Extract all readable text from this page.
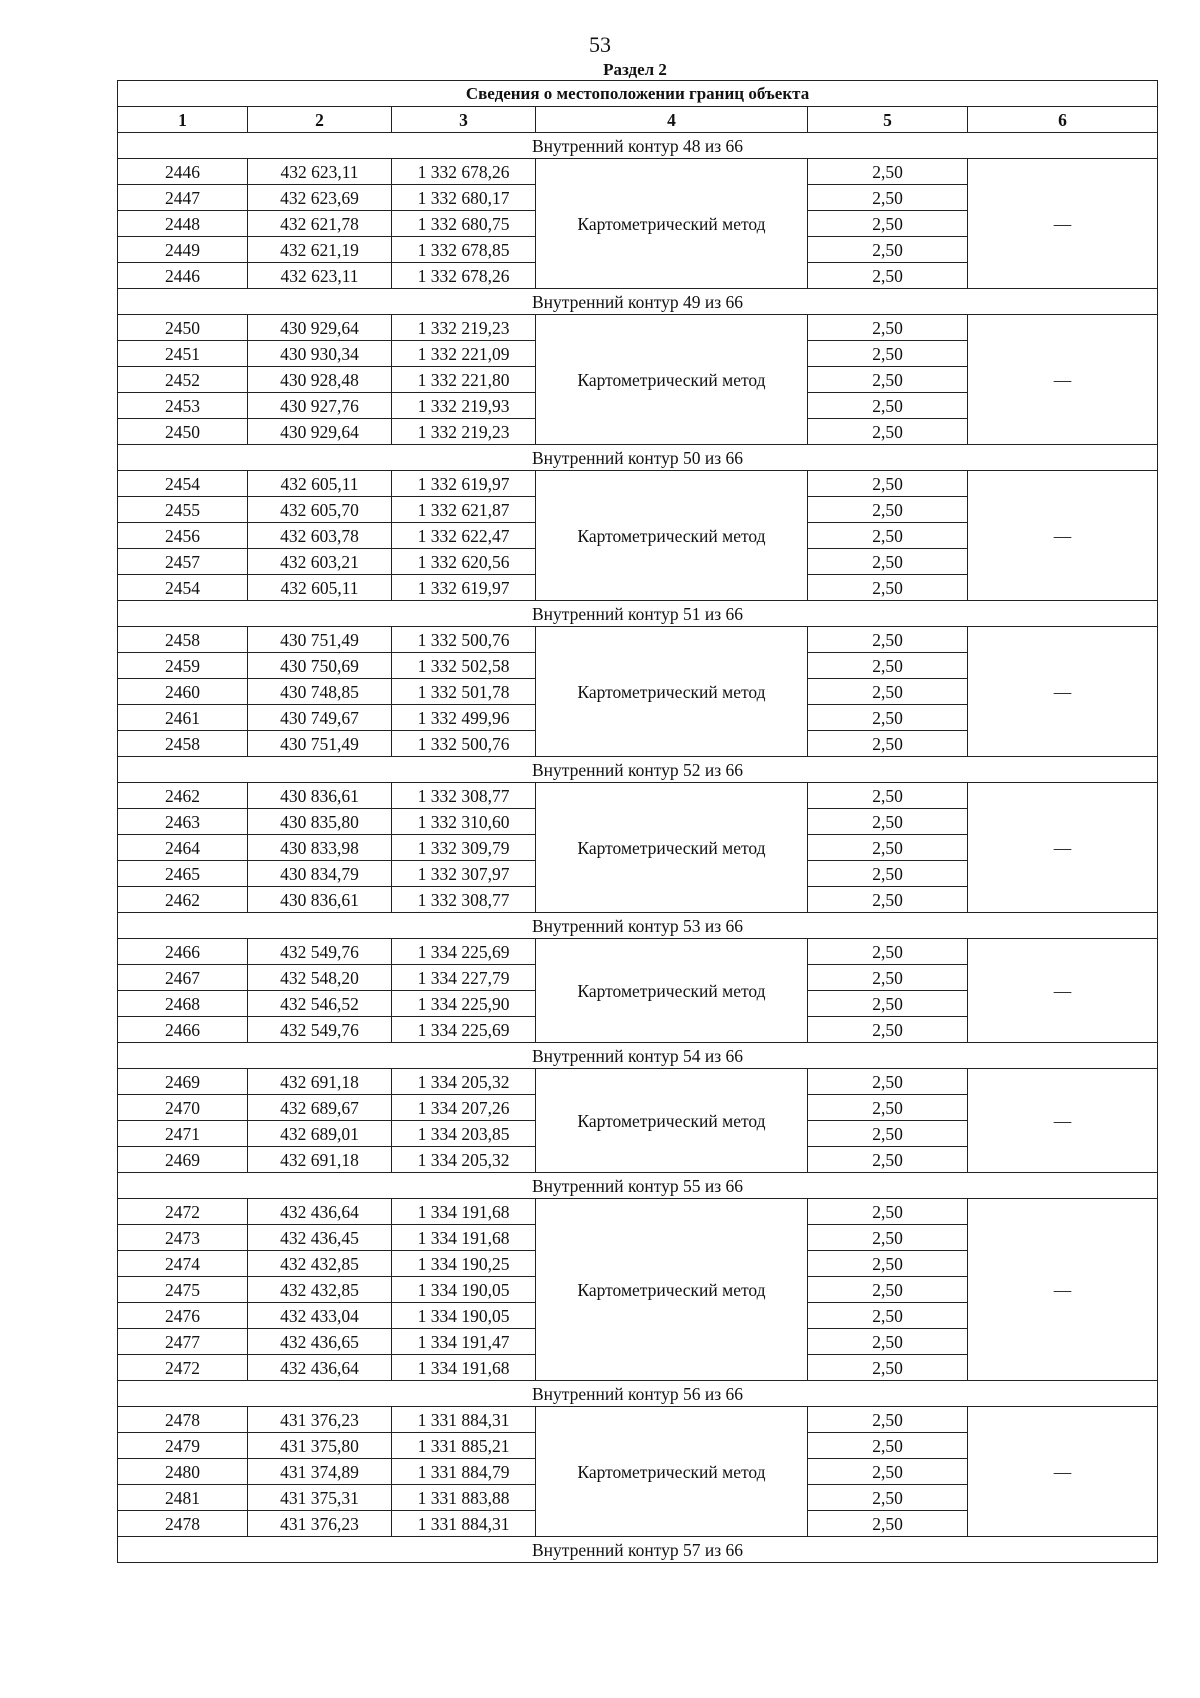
53
Раздел 2
Сведения о местоположении границ объекта					
1	2	3	4	5	6
Внутренний контур 48 из 66					
2446	432 623,11	1 332 678,26	Картометрический метод	2,50	—
2447	432 623,69	1 332 680,17		2,50	
2448	432 621,78	1 332 680,75		2,50	
2449	432 621,19	1 332 678,85		2,50	
2446	432 623,11	1 332 678,26		2,50	
Внутренний контур 49 из 66					
2450	430 929,64	1 332 219,23	Картометрический метод	2,50	—
2451	430 930,34	1 332 221,09		2,50	
2452	430 928,48	1 332 221,80		2,50	
2453	430 927,76	1 332 219,93		2,50	
2450	430 929,64	1 332 219,23		2,50	
Внутренний контур 50 из 66					
2454	432 605,11	1 332 619,97	Картометрический метод	2,50	—
2455	432 605,70	1 332 621,87		2,50	
2456	432 603,78	1 332 622,47		2,50	
2457	432 603,21	1 332 620,56		2,50	
2454	432 605,11	1 332 619,97		2,50	
Внутренний контур 51 из 66					
2458	430 751,49	1 332 500,76	Картометрический метод	2,50	—
2459	430 750,69	1 332 502,58		2,50	
2460	430 748,85	1 332 501,78		2,50	
2461	430 749,67	1 332 499,96		2,50	
2458	430 751,49	1 332 500,76		2,50	
Внутренний контур 52 из 66					
2462	430 836,61	1 332 308,77	Картометрический метод	2,50	—
2463	430 835,80	1 332 310,60		2,50	
2464	430 833,98	1 332 309,79		2,50	
2465	430 834,79	1 332 307,97		2,50	
2462	430 836,61	1 332 308,77		2,50	
Внутренний контур 53 из 66					
2466	432 549,76	1 334 225,69	Картометрический метод	2,50	—
2467	432 548,20	1 334 227,79		2,50	
2468	432 546,52	1 334 225,90		2,50	
2466	432 549,76	1 334 225,69		2,50	
Внутренний контур 54 из 66					
2469	432 691,18	1 334 205,32	Картометрический метод	2,50	—
2470	432 689,67	1 334 207,26		2,50	
2471	432 689,01	1 334 203,85		2,50	
2469	432 691,18	1 334 205,32		2,50	
Внутренний контур 55 из 66					
2472	432 436,64	1 334 191,68	Картометрический метод	2,50	—
2473	432 436,45	1 334 191,68		2,50	
2474	432 432,85	1 334 190,25		2,50	
2475	432 432,85	1 334 190,05		2,50	
2476	432 433,04	1 334 190,05		2,50	
2477	432 436,65	1 334 191,47		2,50	
2472	432 436,64	1 334 191,68		2,50	
Внутренний контур 56 из 66					
2478	431 376,23	1 331 884,31	Картометрический метод	2,50	—
2479	431 375,80	1 331 885,21		2,50	
2480	431 374,89	1 331 884,79		2,50	
2481	431 375,31	1 331 883,88		2,50	
2478	431 376,23	1 331 884,31		2,50	
Внутренний контур 57 из 66					
